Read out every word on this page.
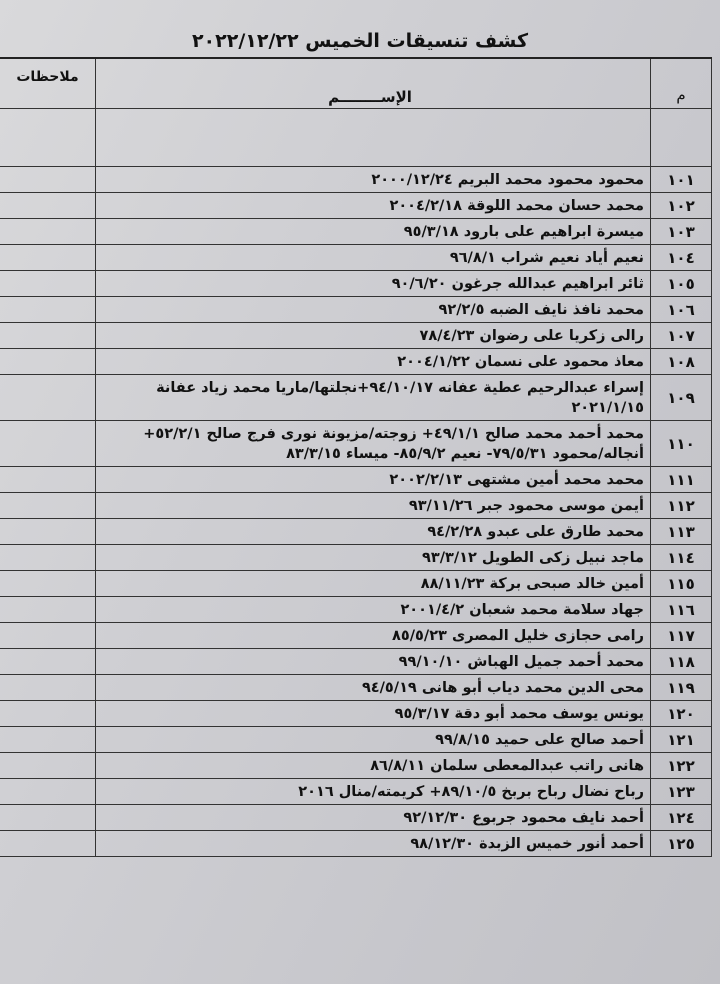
كشف تنسيقات الخميس ٢٠٢٢/١٢/٢٢
م
الإســــــــم
ملاحظات
١٠١
محمود محمود محمد البريم ٢٠٠٠/١٢/٢٤
١٠٢
محمد حسان محمد اللوقة ٢٠٠٤/٢/١٨
١٠٣
ميسرة ابراهيم على بارود ٩٥/٣/١٨
١٠٤
نعيم أياد نعيم شراب ٩٦/٨/١
١٠٥
ثائر ابراهيم عبدالله جرغون ٩٠/٦/٢٠
١٠٦
محمد نافذ نايف الضبه ٩٢/٢/٥
١٠٧
رالى زكريا على رضوان ٧٨/٤/٢٣
١٠٨
معاذ محمود على نسمان ٢٠٠٤/١/٢٢
١٠٩
إسراء عبدالرحيم عطية عفانه ٩٤/١٠/١٧+نجلتها/ماريا محمد زياد عفانة
٢٠٢١/١/١٥
١١٠
محمد أحمد محمد صالح ٤٩/١/١+ زوجته/مزيونة نورى فرج صالح ٥٢/٢/١+
أنجاله/محمود ٧٩/٥/٣١- نعيم ٨٥/٩/٢- ميساء ٨٣/٣/١٥
١١١
محمد محمد أمين مشتهى ٢٠٠٢/٢/١٣
١١٢
أيمن موسى محمود جبر ٩٣/١١/٢٦
١١٣
محمد طارق على عبدو ٩٤/٢/٢٨
١١٤
ماجد نبيل زكى الطويل ٩٣/٣/١٢
١١٥
أمين خالد صبحى بركة ٨٨/١١/٢٣
١١٦
جهاد سلامة محمد شعبان ٢٠٠١/٤/٢
١١٧
رامى حجازى خليل المصرى ٨٥/٥/٢٣
١١٨
محمد أحمد جميل الهباش ٩٩/١٠/١٠
١١٩
محى الدين محمد دياب أبو هانى ٩٤/٥/١٩
١٢٠
يونس يوسف محمد أبو دقة ٩٥/٣/١٧
١٢١
أحمد صالح على حميد ٩٩/٨/١٥
١٢٢
هانى راتب عبدالمعطى سلمان ٨٦/٨/١١
١٢٣
رباح نضال رباح بربخ ٨٩/١٠/٥+ كريمته/منال ٢٠١٦
١٢٤
أحمد نايف محمود جربوع ٩٢/١٢/٣٠
١٢٥
أحمد أنور خميس الزبدة ٩٨/١٢/٣٠
